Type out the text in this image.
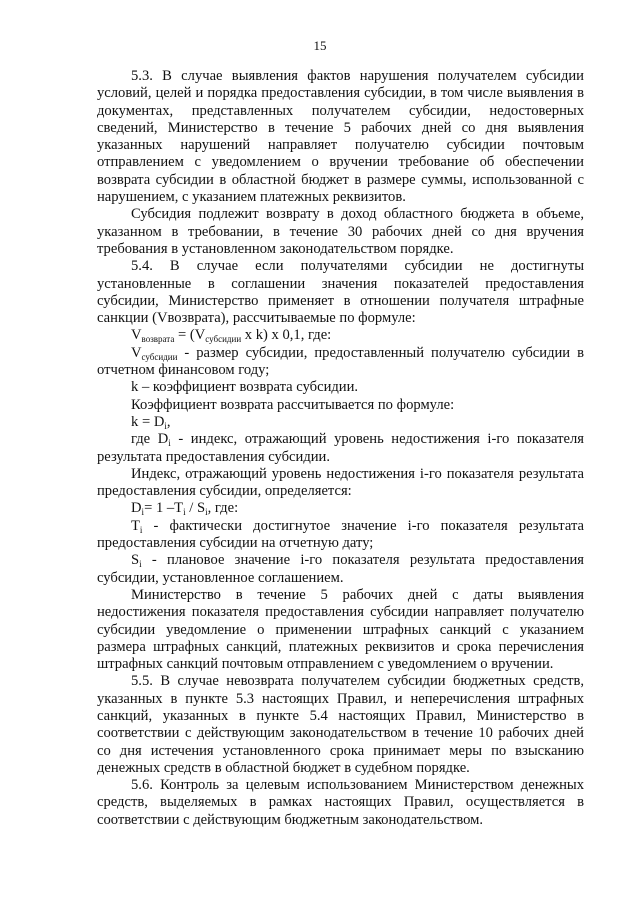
15

5.3. В случае выявления фактов нарушения получателем субсидии условий, целей и порядка предоставления субсидии, в том числе выявления в документах, представленных получателем субсидии, недостоверных сведений, Министерство в течение 5 рабочих дней со дня выявления указанных нарушений направляет получателю субсидии почтовым отправлением с уведомлением о вручении требование об обеспечении возврата субсидии в областной бюджет в размере суммы, использованной с нарушением, с указанием платежных реквизитов.

Субсидия подлежит возврату в доход областного бюджета в объеме, указанном в требовании, в течение 30 рабочих дней со дня вручения требования в установленном законодательством порядке.

5.4. В случае если получателями субсидии не достигнуты установленные в соглашении значения показателей предоставления субсидии, Министерство применяет в отношении получателя штрафные санкции (Vвозврата), рассчитываемые по формуле:

$V_{возврата} = (V_{субсидии}$ x k) x 0,1, где:

$V_{субсидии}$ - размер субсидии, предоставленный получателю субсидии в отчетном финансовом году;

k – коэффициент возврата субсидии.

Коэффициент возврата рассчитывается по формуле:

$k = D_i$,

где $D_i$ - индекс, отражающий уровень недостижения i-го показателя результата предоставления субсидии.

Индекс, отражающий уровень недостижения i-го показателя результата предоставления субсидии, определяется:

$D_i= 1$ $-T_i / S_i$, где:

$T_i$ - фактически достигнутое значение i-го показателя результата предоставления субсидии на отчетную дату;

$S_i$ - плановое значение i-го показателя результата предоставления субсидии, установленное соглашением.

Министерство в течение 5 рабочих дней с даты выявления недостижения показателя предоставления субсидии направляет получателю субсидии уведомление о применении штрафных санкций с указанием размера штрафных санкций, платежных реквизитов и срока перечисления штрафных санкций почтовым отправлением с уведомлением о вручении.

5.5. В случае невозврата получателем субсидии бюджетных средств, указанных в пункте 5.3 настоящих Правил, и неперечисления штрафных санкций, указанных в пункте 5.4 настоящих Правил, Министерство в соответствии с действующим законодательством в течение 10 рабочих дней со дня истечения установленного срока принимает меры по взысканию денежных средств в областной бюджет в судебном порядке.

5.6. Контроль за целевым использованием Министерством денежных средств, выделяемых в рамках настоящих Правил, осуществляется в соответствии с действующим бюджетным законодательством.
